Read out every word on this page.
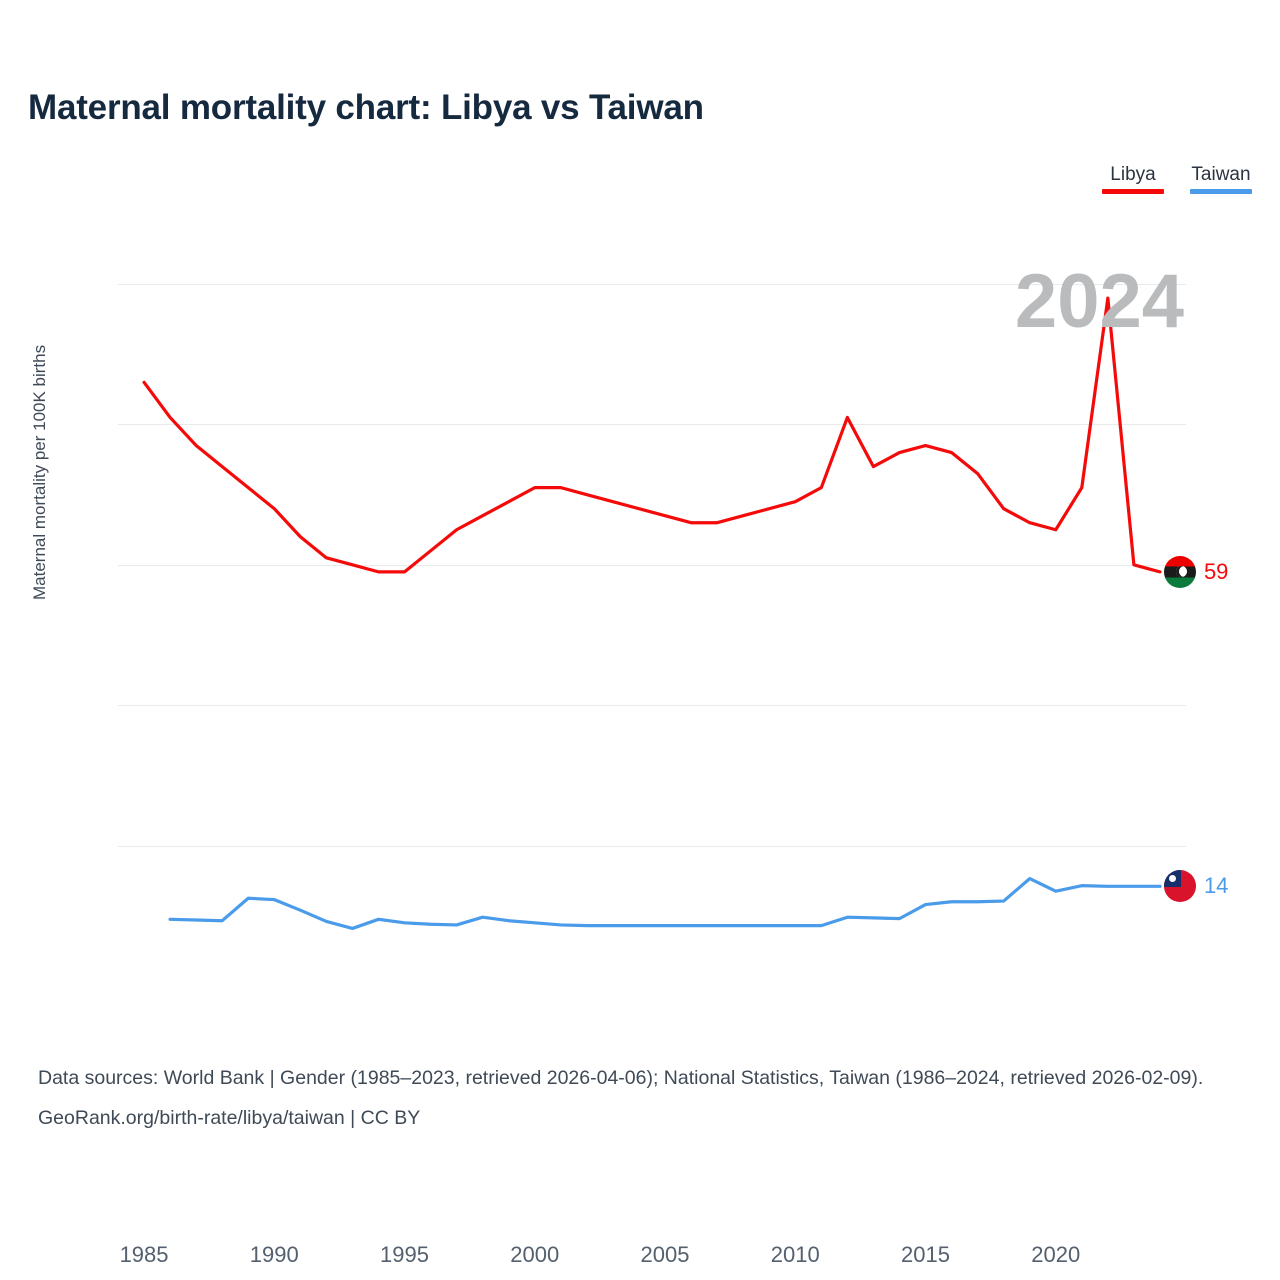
Maternal mortality chart: Libya vs Taiwan
Libya Taiwan
Maternal mortality per 100K births
1985	1990	1995	2000	2005	2010	2015	2020
59
14
2024
Data sources: World Bank | Gender (1985–2023, retrieved 2026-04-06); National Statistics, Taiwan (1986–2024, retrieved 2026-02-09).
GeoRank.org/birth-rate/libya/taiwan | CC BY
